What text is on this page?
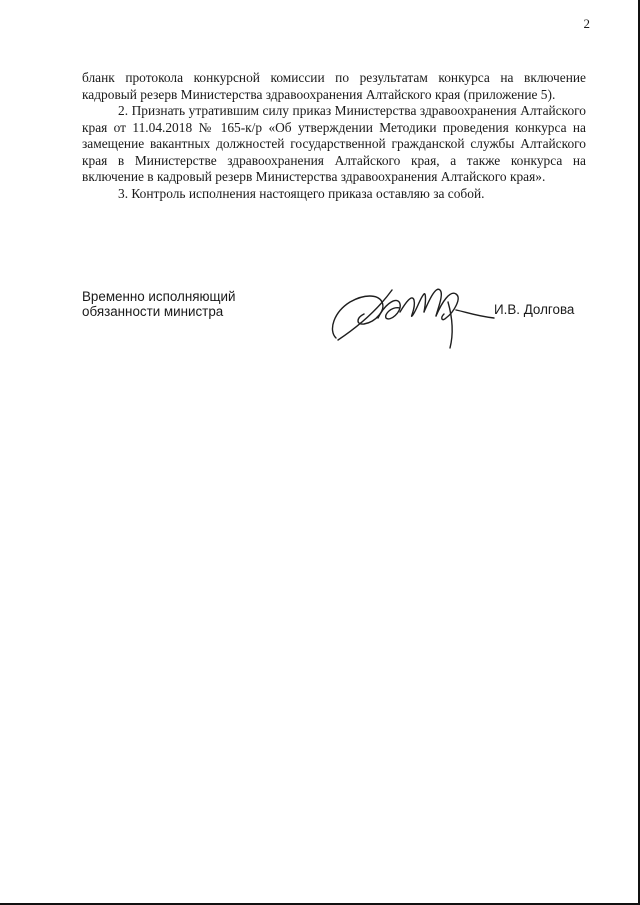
2

бланк протокола конкурсной комиссии по результатам конкурса на включение кадровый резерв Министерства здравоохранения Алтайского края (приложение 5).

2. Признать утратившим силу приказ Министерства здравоохранения Алтайского края от 11.04.2018 № 165-к/р «Об утверждении Методики проведения конкурса на замещение вакантных должностей государственной гражданской службы Алтайского края в Министерстве здравоохранения Алтайского края, а также конкурса на включение в кадровый резерв Министерства здравоохранения Алтайского края».

3. Контроль исполнения настоящего приказа оставляю за собой.

Временно исполняющий
обязанности министра	И.В. Долгова
